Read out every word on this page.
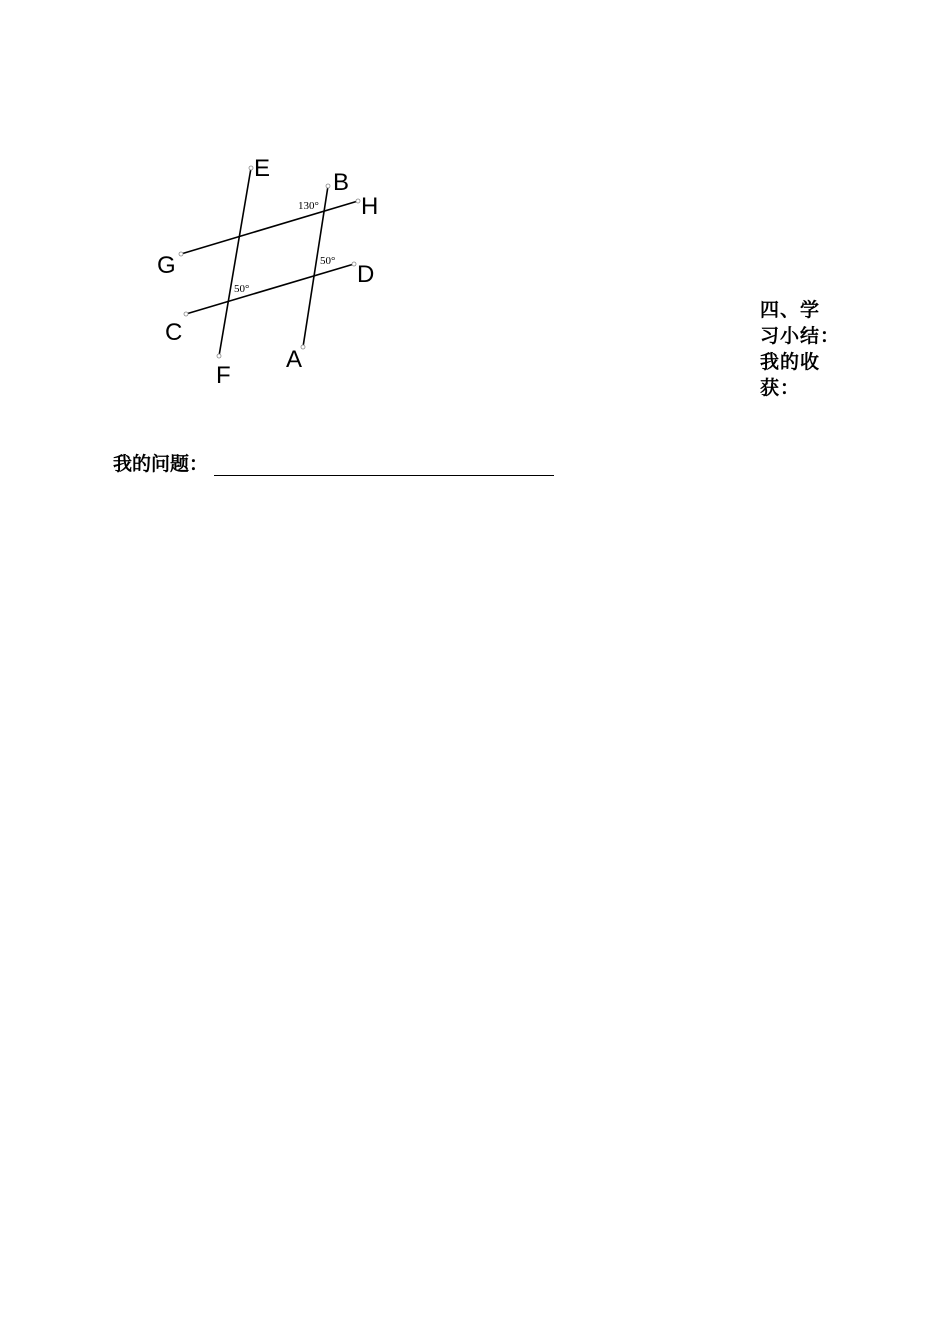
E
B
H
G	D
C
F
A
130°
50°
50°
四、学
习小结：
我的收
获：
我的问题：
